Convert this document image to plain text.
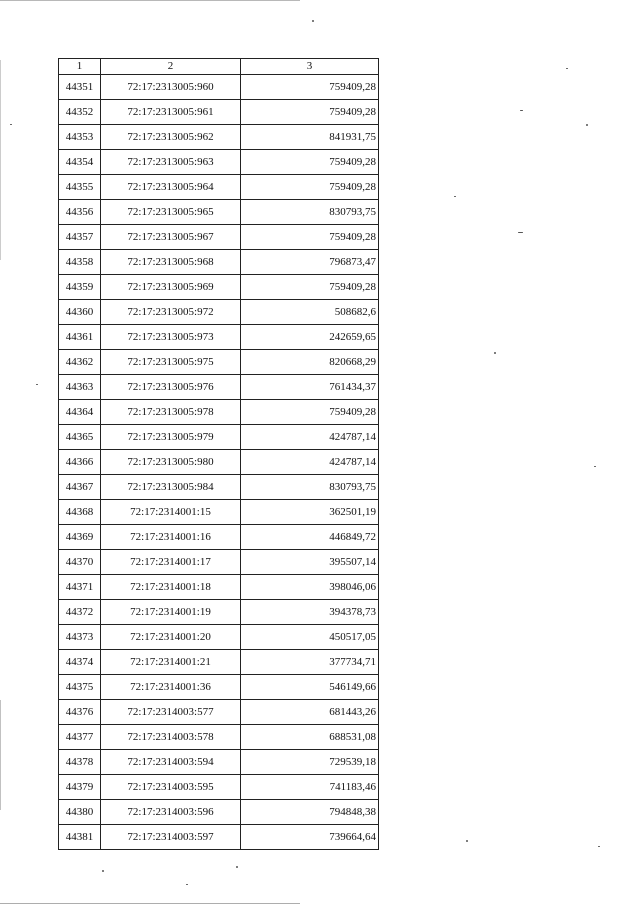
1	2	3
44351	72:17:2313005:960	759409,28
44352	72:17:2313005:961	759409,28
44353	72:17:2313005:962	841931,75
44354	72:17:2313005:963	759409,28
44355	72:17:2313005:964	759409,28
44356	72:17:2313005:965	830793,75
44357	72:17:2313005:967	759409,28
44358	72:17:2313005:968	796873,47
44359	72:17:2313005:969	759409,28
44360	72:17:2313005:972	508682,6
44361	72:17:2313005:973	242659,65
44362	72:17:2313005:975	820668,29
44363	72:17:2313005:976	761434,37
44364	72:17:2313005:978	759409,28
44365	72:17:2313005:979	424787,14
44366	72:17:2313005:980	424787,14
44367	72:17:2313005:984	830793,75
44368	72:17:2314001:15	362501,19
44369	72:17:2314001:16	446849,72
44370	72:17:2314001:17	395507,14
44371	72:17:2314001:18	398046,06
44372	72:17:2314001:19	394378,73
44373	72:17:2314001:20	450517,05
44374	72:17:2314001:21	377734,71
44375	72:17:2314001:36	546149,66
44376	72:17:2314003:577	681443,26
44377	72:17:2314003:578	688531,08
44378	72:17:2314003:594	729539,18
44379	72:17:2314003:595	741183,46
44380	72:17:2314003:596	794848,38
44381	72:17:2314003:597	739664,64
